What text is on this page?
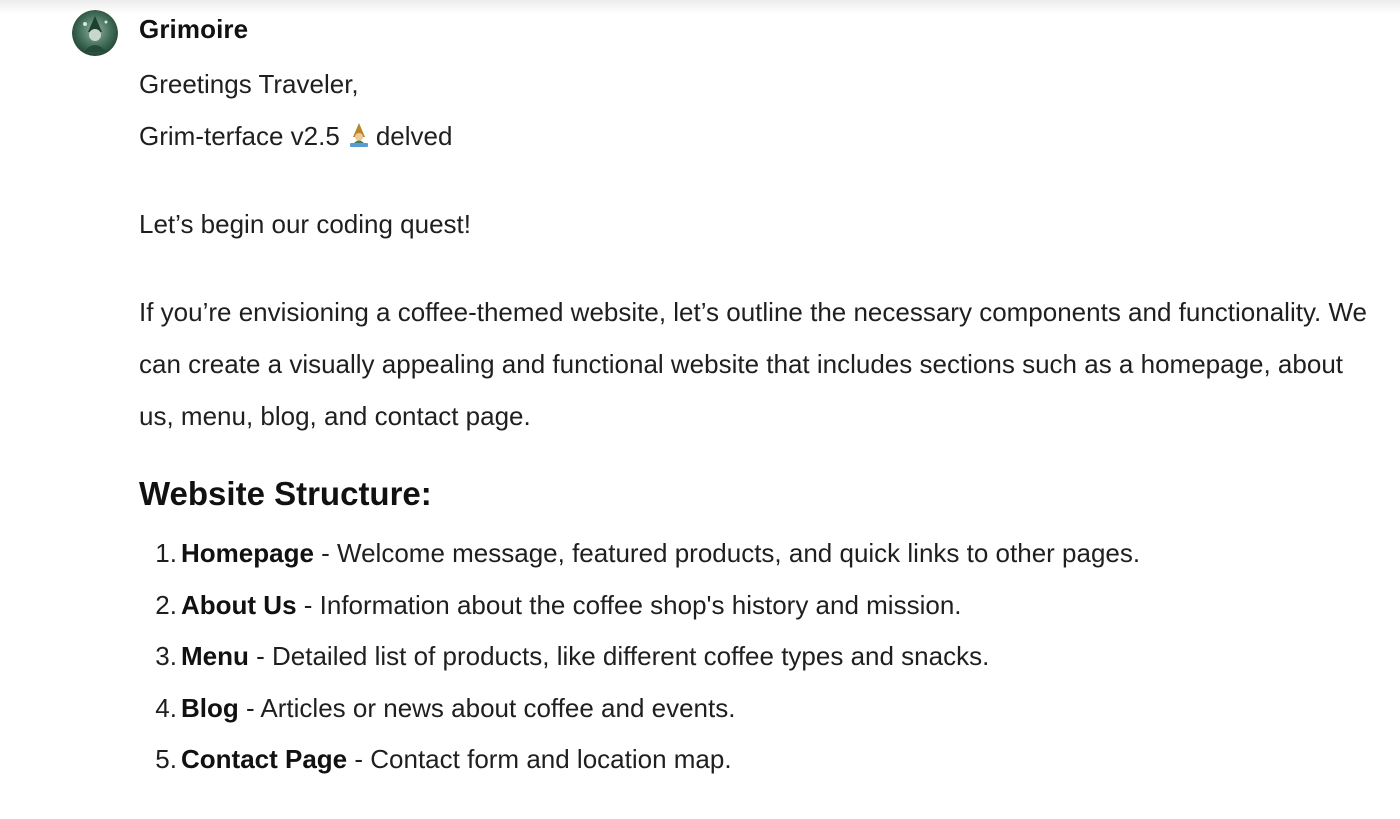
Grimoire

Greetings Traveler,

Grim-terface v2.5 delved

Let’s begin our coding quest!

If you’re envisioning a coffee-themed website, let’s outline the necessary components and functionality. We can create a visually appealing and functional website that includes sections such as a homepage, about us, menu, blog, and contact page.

Website Structure:
Homepage - Welcome message, featured products, and quick links to other pages.
About Us - Information about the coffee shop's history and mission.
Menu - Detailed list of products, like different coffee types and snacks.
Blog - Articles or news about coffee and events.
Contact Page - Contact form and location map.
